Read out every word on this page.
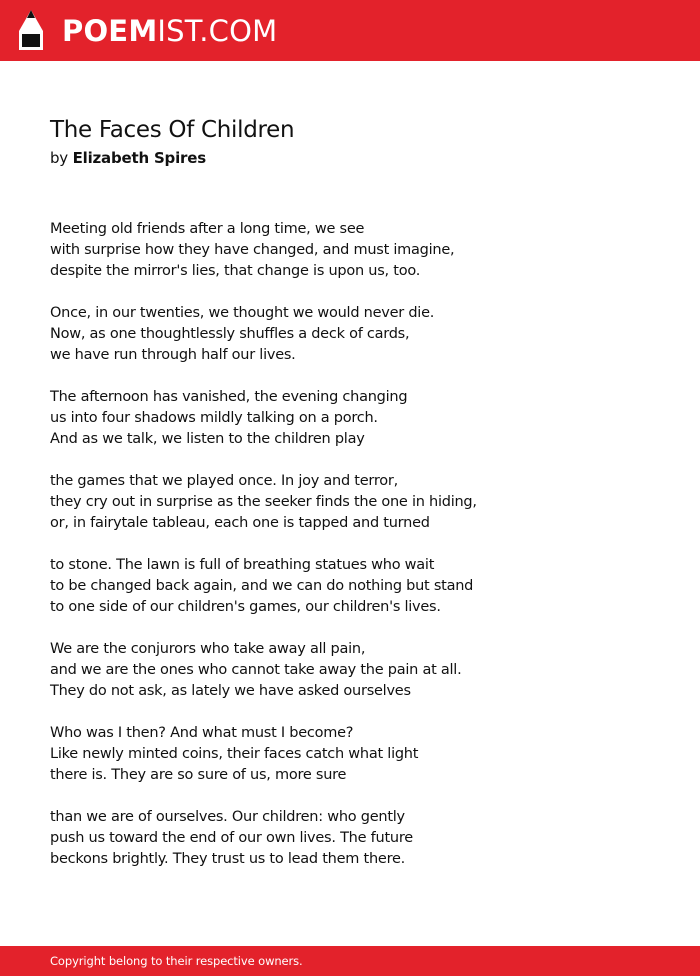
POEM IST.COM
The Faces Of Children
by Elizabeth Spires
Meeting old friends after a long time, we see
with surprise how they have changed, and must imagine,
despite the mirror's lies, that change is upon us, too.
Once, in our twenties, we thought we would never die.
Now, as one thoughtlessly shuffles a deck of cards,
we have run through half our lives.
The afternoon has vanished, the evening changing
us into four shadows mildly talking on a porch.
And as we talk, we listen to the children play
the games that we played once. In joy and terror,
they cry out in surprise as the seeker finds the one in hiding,
or, in fairytale tableau, each one is tapped and turned
to stone. The lawn is full of breathing statues who wait
to be changed back again, and we can do nothing but stand
to one side of our children's games, our children's lives.
We are the conjurors who take away all pain,
and we are the ones who cannot take away the pain at all.
They do not ask, as lately we have asked ourselves
Who was I then? And what must I become?
Like newly minted coins, their faces catch what light
there is. They are so sure of us, more sure
than we are of ourselves. Our children: who gently
push us toward the end of our own lives. The future
beckons brightly. They trust us to lead them there.
Copyright belong to their respective owners.
